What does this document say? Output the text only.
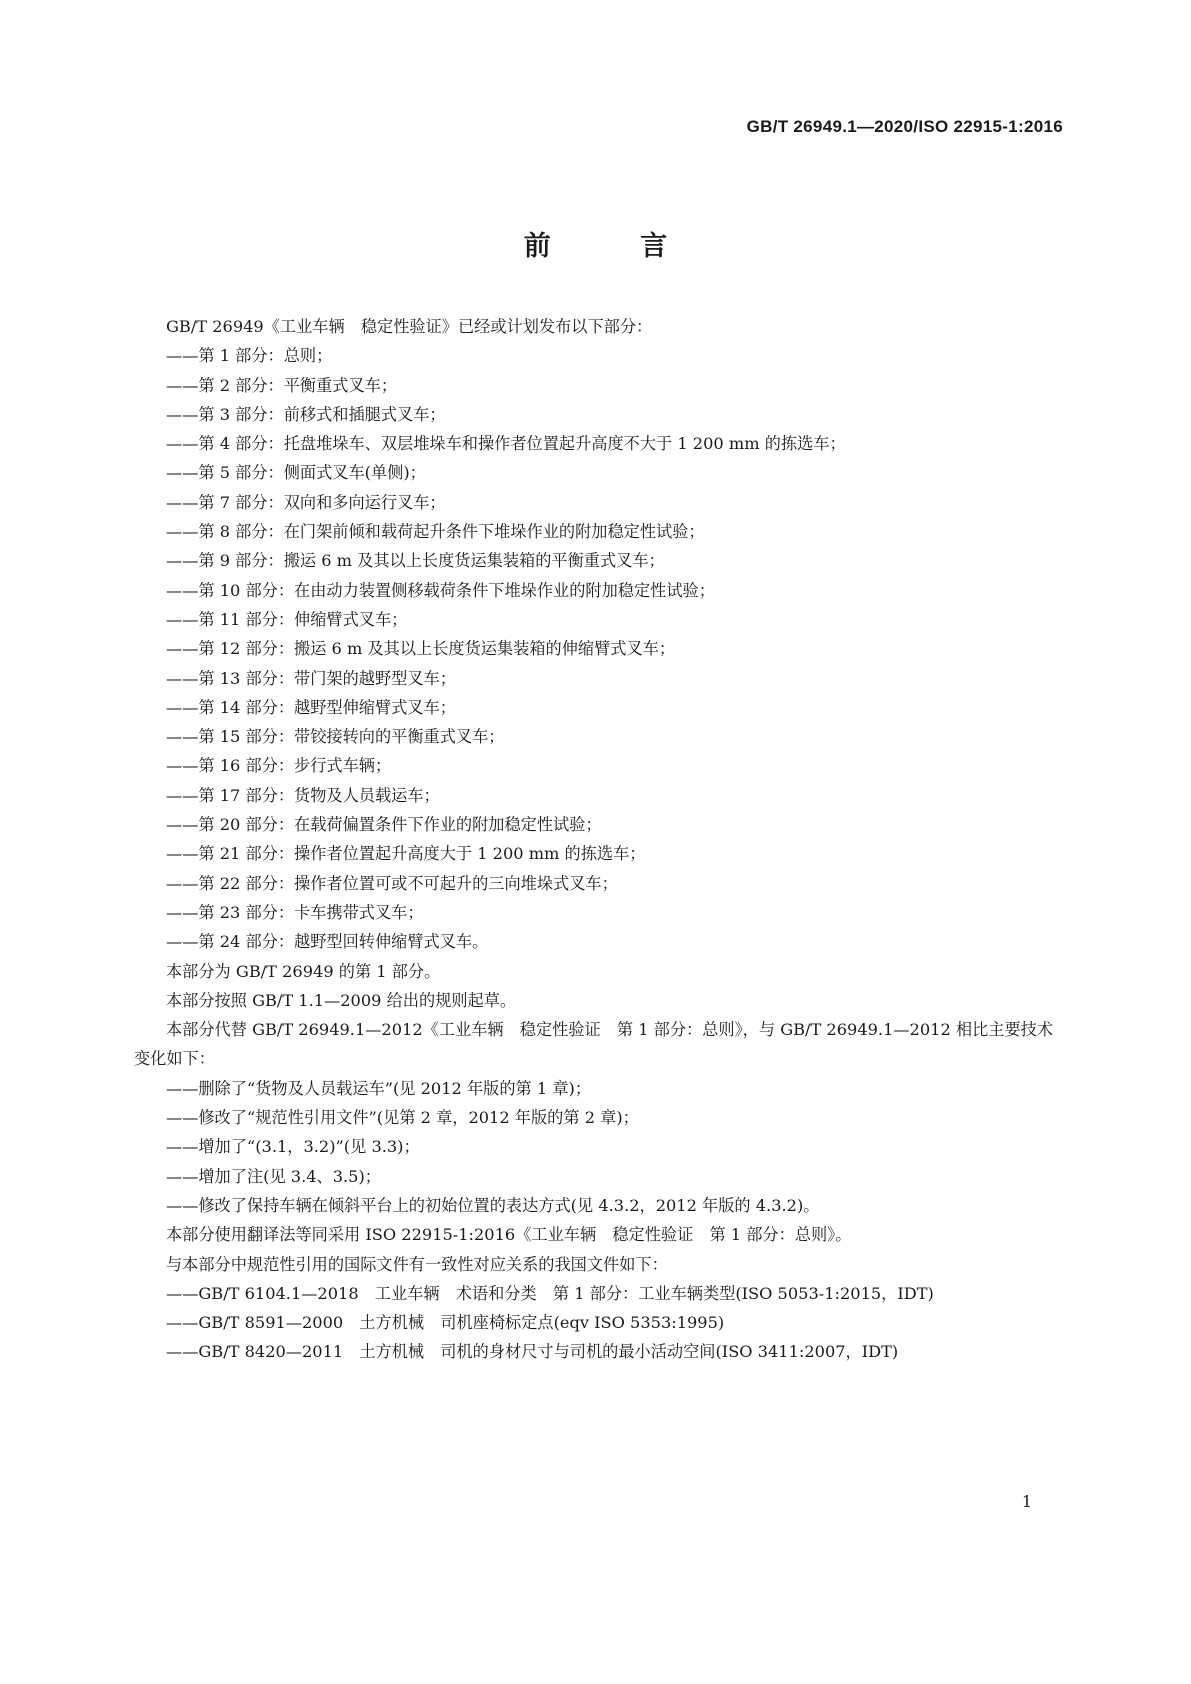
GB/T 26949.1—2020/ISO 22915-1:2016
前 言

GB/T 26949《工业车辆　稳定性验证》已经或计划发布以下部分：

——第 1 部分：总则；

——第 2 部分：平衡重式叉车；

——第 3 部分：前移式和插腿式叉车；

——第 4 部分：托盘堆垛车、双层堆垛车和操作者位置起升高度不大于 1 200 mm 的拣选车；

——第 5 部分：侧面式叉车(单侧)；

——第 7 部分：双向和多向运行叉车；

——第 8 部分：在门架前倾和载荷起升条件下堆垛作业的附加稳定性试验；

——第 9 部分：搬运 6 m 及其以上长度货运集装箱的平衡重式叉车；

——第 10 部分：在由动力装置侧移载荷条件下堆垛作业的附加稳定性试验；

——第 11 部分：伸缩臂式叉车；

——第 12 部分：搬运 6 m 及其以上长度货运集装箱的伸缩臂式叉车；

——第 13 部分：带门架的越野型叉车；

——第 14 部分：越野型伸缩臂式叉车；

——第 15 部分：带铰接转向的平衡重式叉车；

——第 16 部分：步行式车辆；

——第 17 部分：货物及人员载运车；

——第 20 部分：在载荷偏置条件下作业的附加稳定性试验；

——第 21 部分：操作者位置起升高度大于 1 200 mm 的拣选车；

——第 22 部分：操作者位置可或不可起升的三向堆垛式叉车；

——第 23 部分：卡车携带式叉车；

——第 24 部分：越野型回转伸缩臂式叉车。

本部分为 GB/T 26949 的第 1 部分。

本部分按照 GB/T 1.1—2009 给出的规则起草。

本部分代替 GB/T 26949.1—2012《工业车辆　稳定性验证　第 1 部分：总则》，与 GB/T 26949.1—2012 相比主要技术变化如下：

——删除了“货物及人员载运车”(见 2012 年版的第 1 章)；

——修改了“规范性引用文件”(见第 2 章，2012 年版的第 2 章)；

——增加了“(3.1，3.2)”(见 3.3)；

——增加了注(见 3.4、3.5)；

——修改了保持车辆在倾斜平台上的初始位置的表达方式(见 4.3.2，2012 年版的 4.3.2)。

本部分使用翻译法等同采用 ISO 22915-1:2016《工业车辆　稳定性验证　第 1 部分：总则》。

与本部分中规范性引用的国际文件有一致性对应关系的我国文件如下：

——GB/T 6104.1—2018　工业车辆　术语和分类　第 1 部分：工业车辆类型(ISO 5053-1:2015，IDT)

——GB/T 8591—2000　土方机械　司机座椅标定点(eqv ISO 5353:1995)

——GB/T 8420—2011　土方机械　司机的身材尺寸与司机的最小活动空间(ISO 3411:2007，IDT)

1
